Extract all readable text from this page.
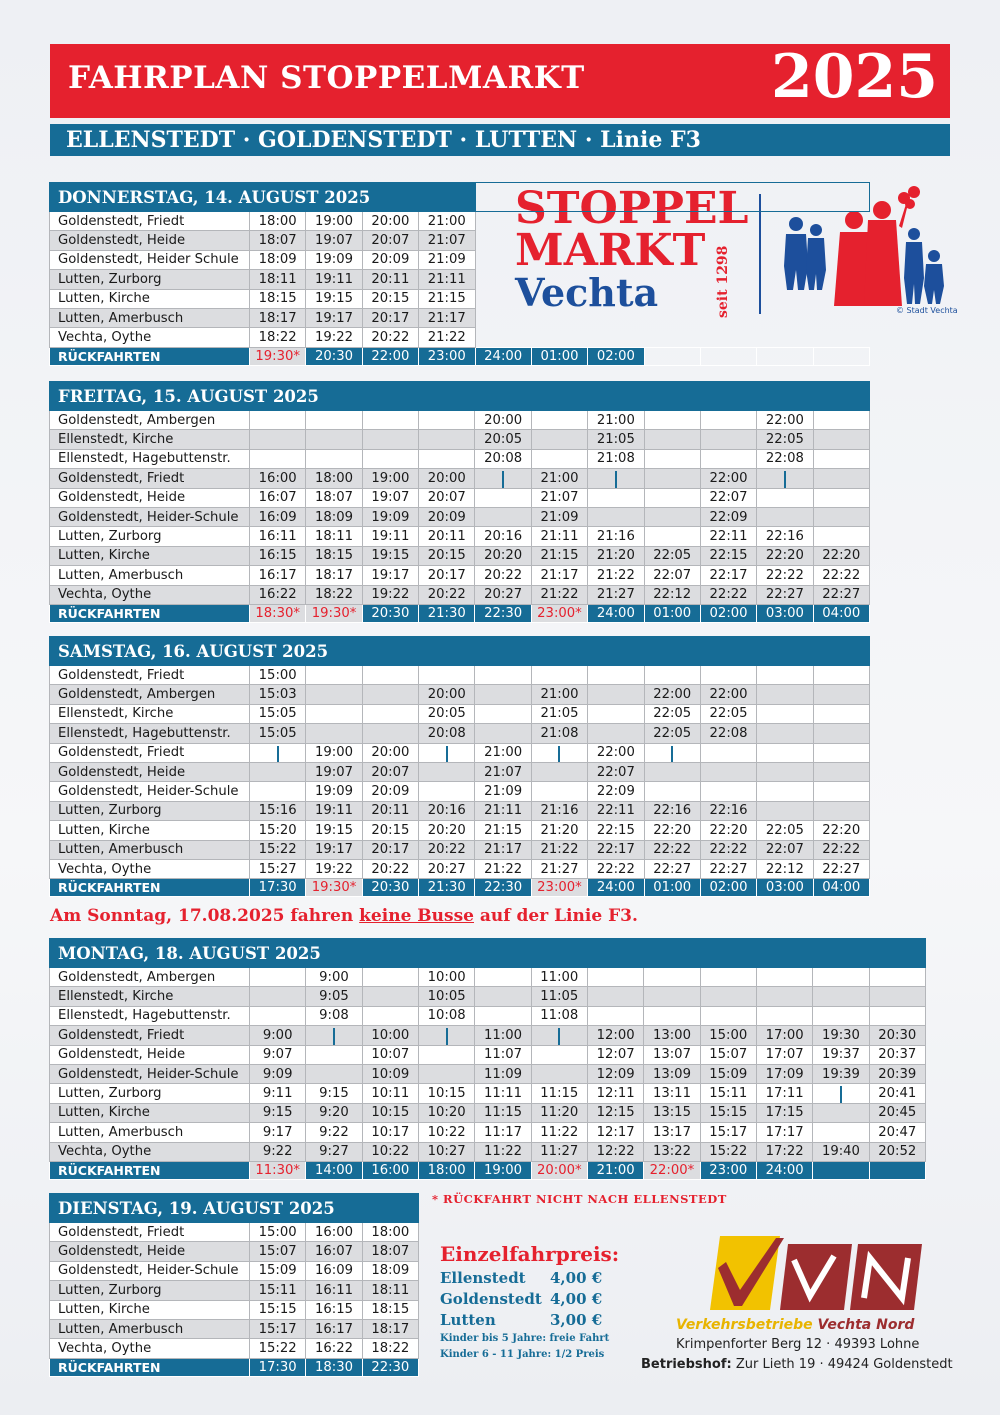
FAHRPLAN STOPPELMARKT	2025
ELLENSTEDT · GOLDENSTEDT · LUTTEN · Linie F3
STOPPEL
MARKT
Vechta	seit 1298	© Stadt Vechta
DONNERSTAG, 14. AUGUST 2025											
Goldenstedt, Friedt	18:00	19:00	20:00	21:00							
Goldenstedt, Heide	18:07	19:07	20:07	21:07							
Goldenstedt, Heider Schule	18:09	19:09	20:09	21:09							
Lutten, Zurborg	18:11	19:11	20:11	21:11							
Lutten, Kirche	18:15	19:15	20:15	21:15							
Lutten, Amerbusch	18:17	19:17	20:17	21:17							
Vechta, Oythe	18:22	19:22	20:22	21:22							
RÜCKFAHRTEN	19:30*	20:30	22:00	23:00	24:00	01:00	02:00				
FREITAG, 15. AUGUST 2025											
Goldenstedt, Ambergen					20:00		21:00			22:00	
Ellenstedt, Kirche					20:05		21:05			22:05	
Ellenstedt, Hagebuttenstr.					20:08		21:08			22:08	
Goldenstedt, Friedt	16:00	18:00	19:00	20:00		21:00			22:00	

Goldenstedt, Heide	16:07	18:07	19:07	20:07		21:07			22:07		
Goldenstedt, Heider-Schule	16:09	18:09	19:09	20:09		21:09			22:09		
Lutten, Zurborg	16:11	18:11	19:11	20:11	20:16	21:11	21:16		22:11	22:16	
Lutten, Kirche	16:15	18:15	19:15	20:15	20:20	21:15	21:20	22:05	22:15	22:20	22:20
Lutten, Amerbusch	16:17	18:17	19:17	20:17	20:22	21:17	21:22	22:07	22:17	22:22	22:22
Vechta, Oythe	16:22	18:22	19:22	20:22	20:27	21:22	21:27	22:12	22:22	22:27	22:27
RÜCKFAHRTEN	18:30*	19:30*	20:30	21:30	22:30	23:00*	24:00	01:00	02:00	03:00	04:00
SAMSTAG, 16. AUGUST 2025											
Goldenstedt, Friedt	15:00										
Goldenstedt, Ambergen	15:03			20:00		21:00		22:00	22:00		
Ellenstedt, Kirche	15:05			20:05		21:05		22:05	22:05		
Ellenstedt, Hagebuttenstr.	15:05			20:08		21:08		22:05	22:08		
Goldenstedt, Friedt		19:00	20:00		21:00		22:00	

Goldenstedt, Heide		19:07	20:07		21:07		22:07				
Goldenstedt, Heider-Schule		19:09	20:09		21:09		22:09				
Lutten, Zurborg	15:16	19:11	20:11	20:16	21:11	21:16	22:11	22:16	22:16		
Lutten, Kirche	15:20	19:15	20:15	20:20	21:15	21:20	22:15	22:20	22:20	22:05	22:20
Lutten, Amerbusch	15:22	19:17	20:17	20:22	21:17	21:22	22:17	22:22	22:22	22:07	22:22
Vechta, Oythe	15:27	19:22	20:22	20:27	21:22	21:27	22:22	22:27	22:27	22:12	22:27
RÜCKFAHRTEN	17:30	19:30*	20:30	21:30	22:30	23:00*	24:00	01:00	02:00	03:00	04:00
Am Sonntag, 17.08.2025 fahren keine Busse auf der Linie F3.
MONTAG, 18. AUGUST 2025												
Goldenstedt, Ambergen		9:00		10:00		11:00						
Ellenstedt, Kirche		9:05		10:05		11:05						
Ellenstedt, Hagebuttenstr.		9:08		10:08		11:08						
Goldenstedt, Friedt	9:00		10:00		11:00		12:00	13:00	15:00	17:00	19:30	20:30
Goldenstedt, Heide	9:07		10:07		11:07		12:07	13:07	15:07	17:07	19:37	20:37
Goldenstedt, Heider-Schule	9:09		10:09		11:09		12:09	13:09	15:09	17:09	19:39	20:39
Lutten, Zurborg	9:11	9:15	10:11	10:15	11:11	11:15	12:11	13:11	15:11	17:11		20:41
Lutten, Kirche	9:15	9:20	10:15	10:20	11:15	11:20	12:15	13:15	15:15	17:15		20:45
Lutten, Amerbusch	9:17	9:22	10:17	10:22	11:17	11:22	12:17	13:17	15:17	17:17		20:47
Vechta, Oythe	9:22	9:27	10:22	10:27	11:22	11:27	12:22	13:22	15:22	17:22	19:40	20:52
RÜCKFAHRTEN	11:30*	14:00	16:00	18:00	19:00	20:00*	21:00	22:00*	23:00	24:00		
DIENSTAG, 19. AUGUST 2025			
Goldenstedt, Friedt	15:00	16:00	18:00
Goldenstedt, Heide	15:07	16:07	18:07
Goldenstedt, Heider-Schule	15:09	16:09	18:09
Lutten, Zurborg	15:11	16:11	18:11
Lutten, Kirche	15:15	16:15	18:15
Lutten, Amerbusch	15:17	16:17	18:17
Vechta, Oythe	15:22	16:22	18:22
RÜCKFAHRTEN	17:30	18:30	22:30
* RÜCKFAHRT NICHT NACH ELLENSTEDT
Einzelfahrpreis:
Ellenstedt	4,00 €
Goldenstedt 4,00 €
Lutten	3,00 €
Kinder bis 5 Jahre: freie Fahrt
Kinder 6 - 11 Jahre: 1/2 Preis
Verkehrsbetriebe Vechta Nord
Krimpenforter Berg 12 · 49393 Lohne
Betriebshof: Zur Lieth 19 · 49424 Goldenstedt
